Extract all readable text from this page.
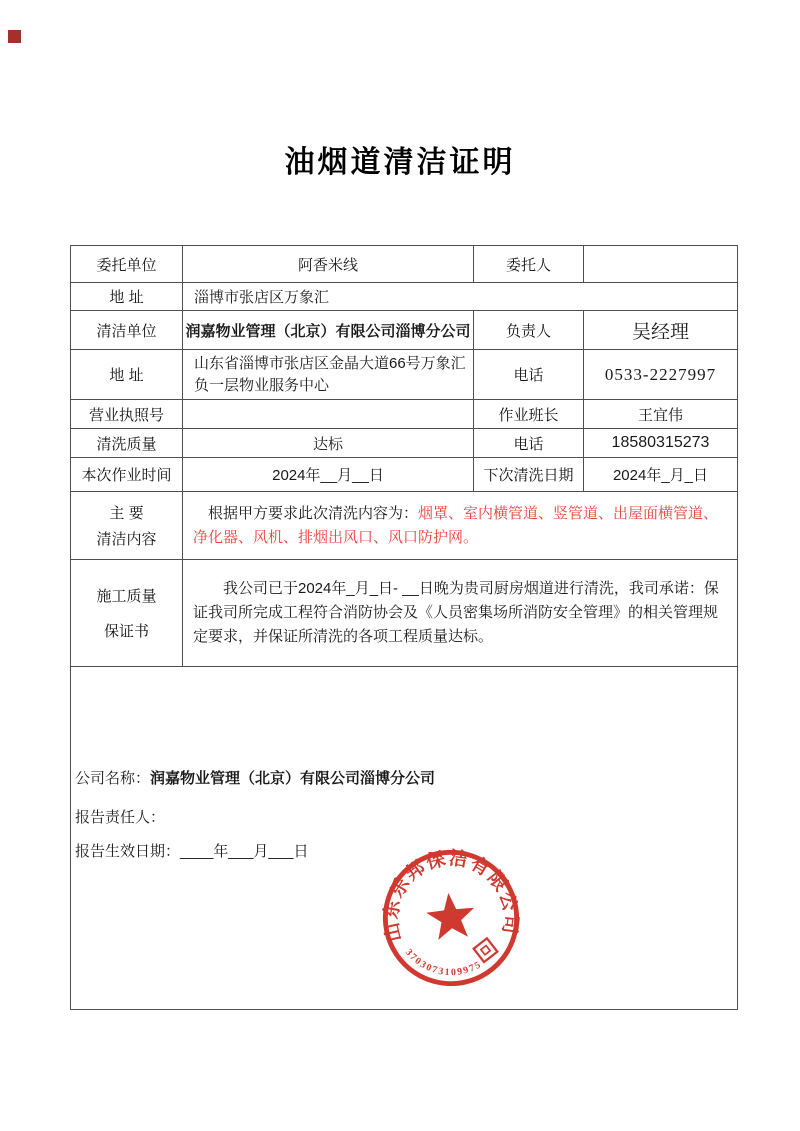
油烟道清洁证明
委托单位	阿香米线	委托人	
地 址	淄博市张店区万象汇		
清洁单位	润嘉物业管理（北京）有限公司淄博分公司	负责人	吴经理
地 址	山东省淄博市张店区金晶大道66号万象汇负一层物业服务中心	电话	0533-2227997
营业执照号		作业班长	王宜伟
清洗质量	达标	电话	18580315273
本次作业时间	2024年__月__日	下次清洗日期	2024年_月_日

主 要
清洁内容	根据甲方要求此次清洗内容为：烟罩、室内横管道、竖管道、出屋面横管道、净化器、风机、排烟出风口、风口防护网。		

施工质量
保证书	我公司已于2024年_月_日- __日晚为贵司厨房烟道进行清洗，我司承诺：保证我司所完成工程符合消防协会及《人员密集场所消防安全管理》的相关管理规定要求，并保证所清洗的各项工程质量达标。		

公司名称：润嘉物业管理（北京）有限公司淄博分公司

报告责任人：

报告生效日期：____年___月___日

山东乐邦保洁有限公司
3703073109975			
